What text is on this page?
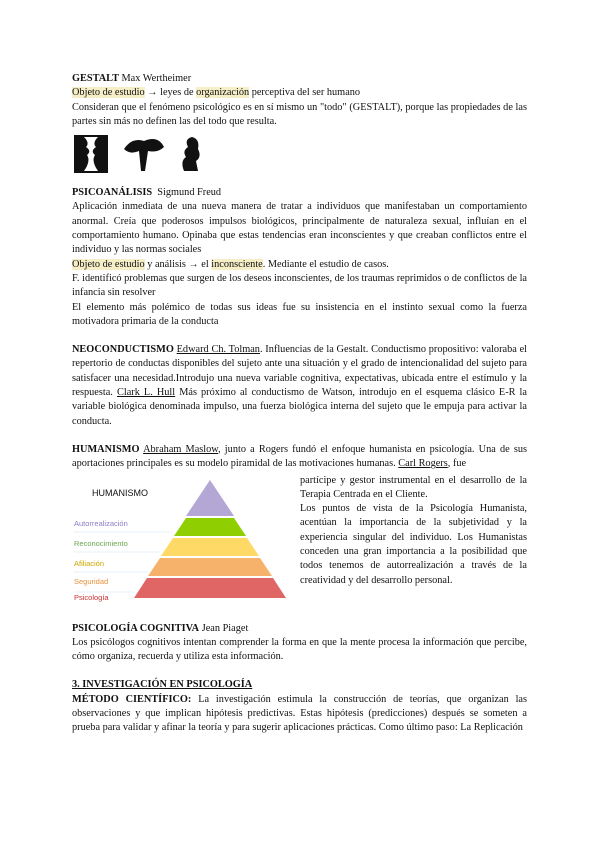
GESTALT Max Wertheimer

Objeto de estudio → leyes de organización perceptiva del ser humano

Consideran que el fenómeno psicológico es en sí mismo un "todo" (GESTALT), porque las propiedades de las partes sin más no definen las del todo que resulta.

PSICOANÁLISIS Sigmund Freud

Aplicación inmediata de una nueva manera de tratar a individuos que manifestaban un comportamiento anormal. Creía que poderosos impulsos biológicos, principalmente de naturaleza sexual, influían en el comportamiento humano. Opinaba que estas tendencias eran inconscientes y que creaban conflictos entre el individuo y las normas sociales

Objeto de estudio y análisis → el inconsciente. Mediante el estudio de casos.

F. identificó problemas que surgen de los deseos inconscientes, de los traumas reprimidos o de conflictos de la infancia sin resolver

El elemento más polémico de todas sus ideas fue su insistencia en el instinto sexual como la fuerza motivadora primaria de la conducta

NEOCONDUCTISMO Edward Ch. Tolman. Influencias de la Gestalt. Conductismo propositivo: valoraba el repertorio de conductas disponibles del sujeto ante una situación y el grado de intencionalidad del sujeto para satisfacer una necesidad.Introdujo una nueva variable cognitiva, expectativas, ubicada entre el estímulo y la respuesta. Clark L. Hull Más próximo al conductismo de Watson, introdujo en el esquema clásico E-R la variable biológica denominada impulso, una fuerza biológica interna del sujeto que le empuja para activar la conducta.

HUMANISMO Abraham Maslow, junto a Rogers fundó el enfoque humanista en psicología. Una de sus aportaciones principales es su modelo piramidal de las motivaciones humanas. Carl Rogers, fue

HUMANISMO
Autorrealización
Reconocimiento
Afiliación
Seguridad
Psicología

partícipe y gestor instrumental en el desarrollo de la Terapia Centrada en el Cliente.

Los puntos de vista de la Psicología Humanista, acentúan la importancia de la subjetividad y la experiencia singular del individuo. Los Humanistas conceden una gran importancia a la posibilidad que todos tenemos de autorrealización a través de la creatividad y del desarrollo personal.

PSICOLOGÍA COGNITIVA Jean Piaget

Los psicólogos cognitivos intentan comprender la forma en que la mente procesa la información que percibe, cómo organiza, recuerda y utiliza esta información.

3. INVESTIGACIÓN EN PSICOLOGÍA

MÉTODO CIENTÍFICO: La investigación estimula la construcción de teorías, que organizan las observaciones y que implican hipótesis predictivas. Estas hipótesis (predicciones) después se someten a prueba para validar y afinar la teoría y para sugerir aplicaciones prácticas. Como último paso: La Replicación
